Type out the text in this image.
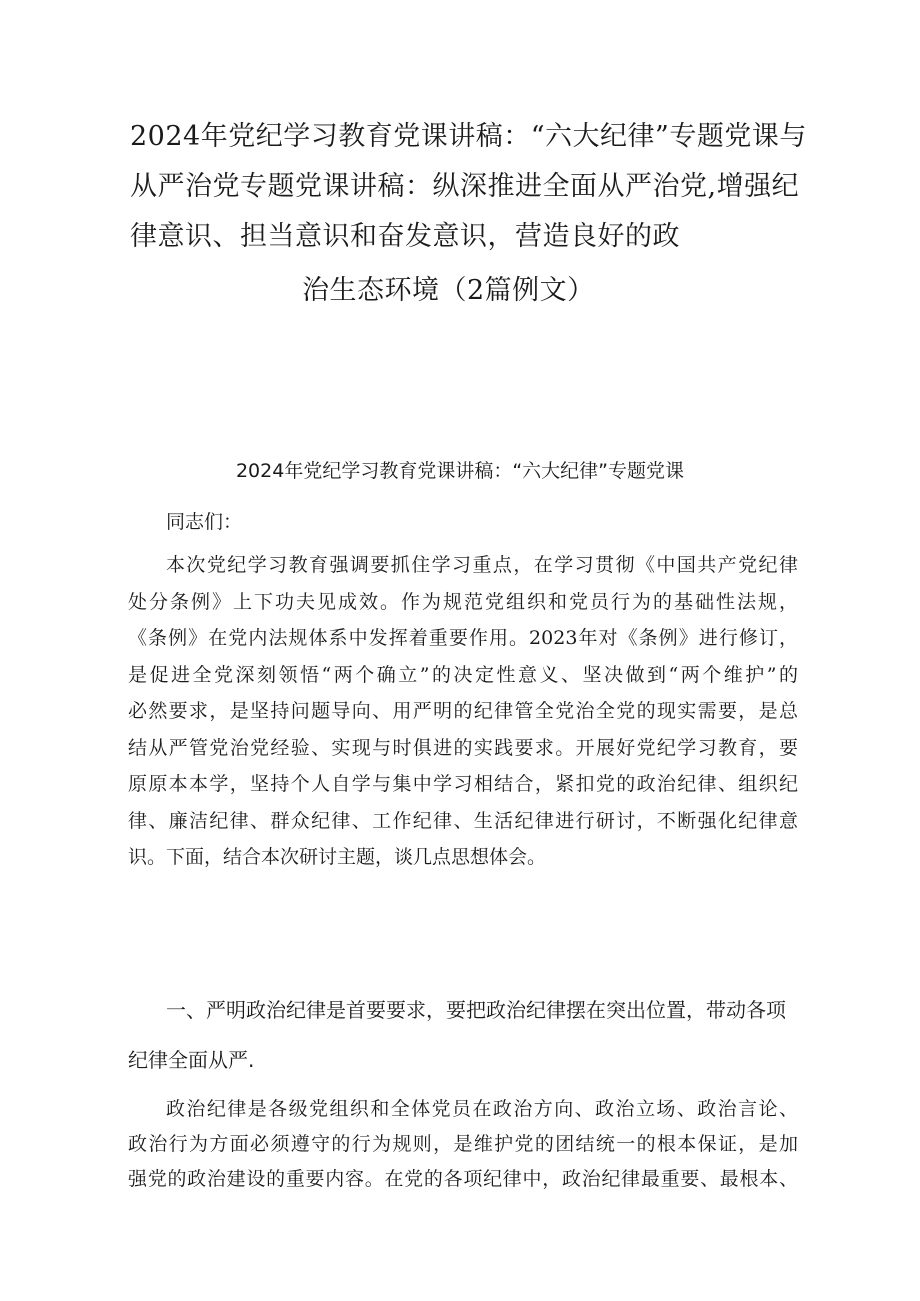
2024年党纪学习教育党课讲稿：“六大纪律”专题党课与
从严治党专题党课讲稿：纵深推进全面从严治党,增强纪
律意识、担当意识和奋发意识，营造良好的政
治生态环境（2篇例文）
2024年党纪学习教育党课讲稿：“六大纪律”专题党课
同志们：
本次党纪学习教育强调要抓住学习重点，在学习贯彻《中国共产党纪律
处分条例》上下功夫见成效。作为规范党组织和党员行为的基础性法规，
《条例》在党内法规体系中发挥着重要作用。2023年对《条例》进行修订，
是促进全党深刻领悟“两个确立”的决定性意义、坚决做到“两个维护”的
必然要求，是坚持问题导向、用严明的纪律管全党治全党的现实需要，是总
结从严管党治党经验、实现与时俱进的实践要求。开展好党纪学习教育，要
原原本本学，坚持个人自学与集中学习相结合，紧扣党的政治纪律、组织纪
律、廉洁纪律、群众纪律、工作纪律、生活纪律进行研讨，不断强化纪律意
识。下面，结合本次研讨主题，谈几点思想体会。
一、严明政治纪律是首要要求，要把政治纪律摆在突出位置，带动各项
纪律全面从严.
政治纪律是各级党组织和全体党员在政治方向、政治立场、政治言论、
政治行为方面必须遵守的行为规则，是维护党的团结统一的根本保证，是加
强党的政治建设的重要内容。在党的各项纪律中，政治纪律最重要、最根本、
